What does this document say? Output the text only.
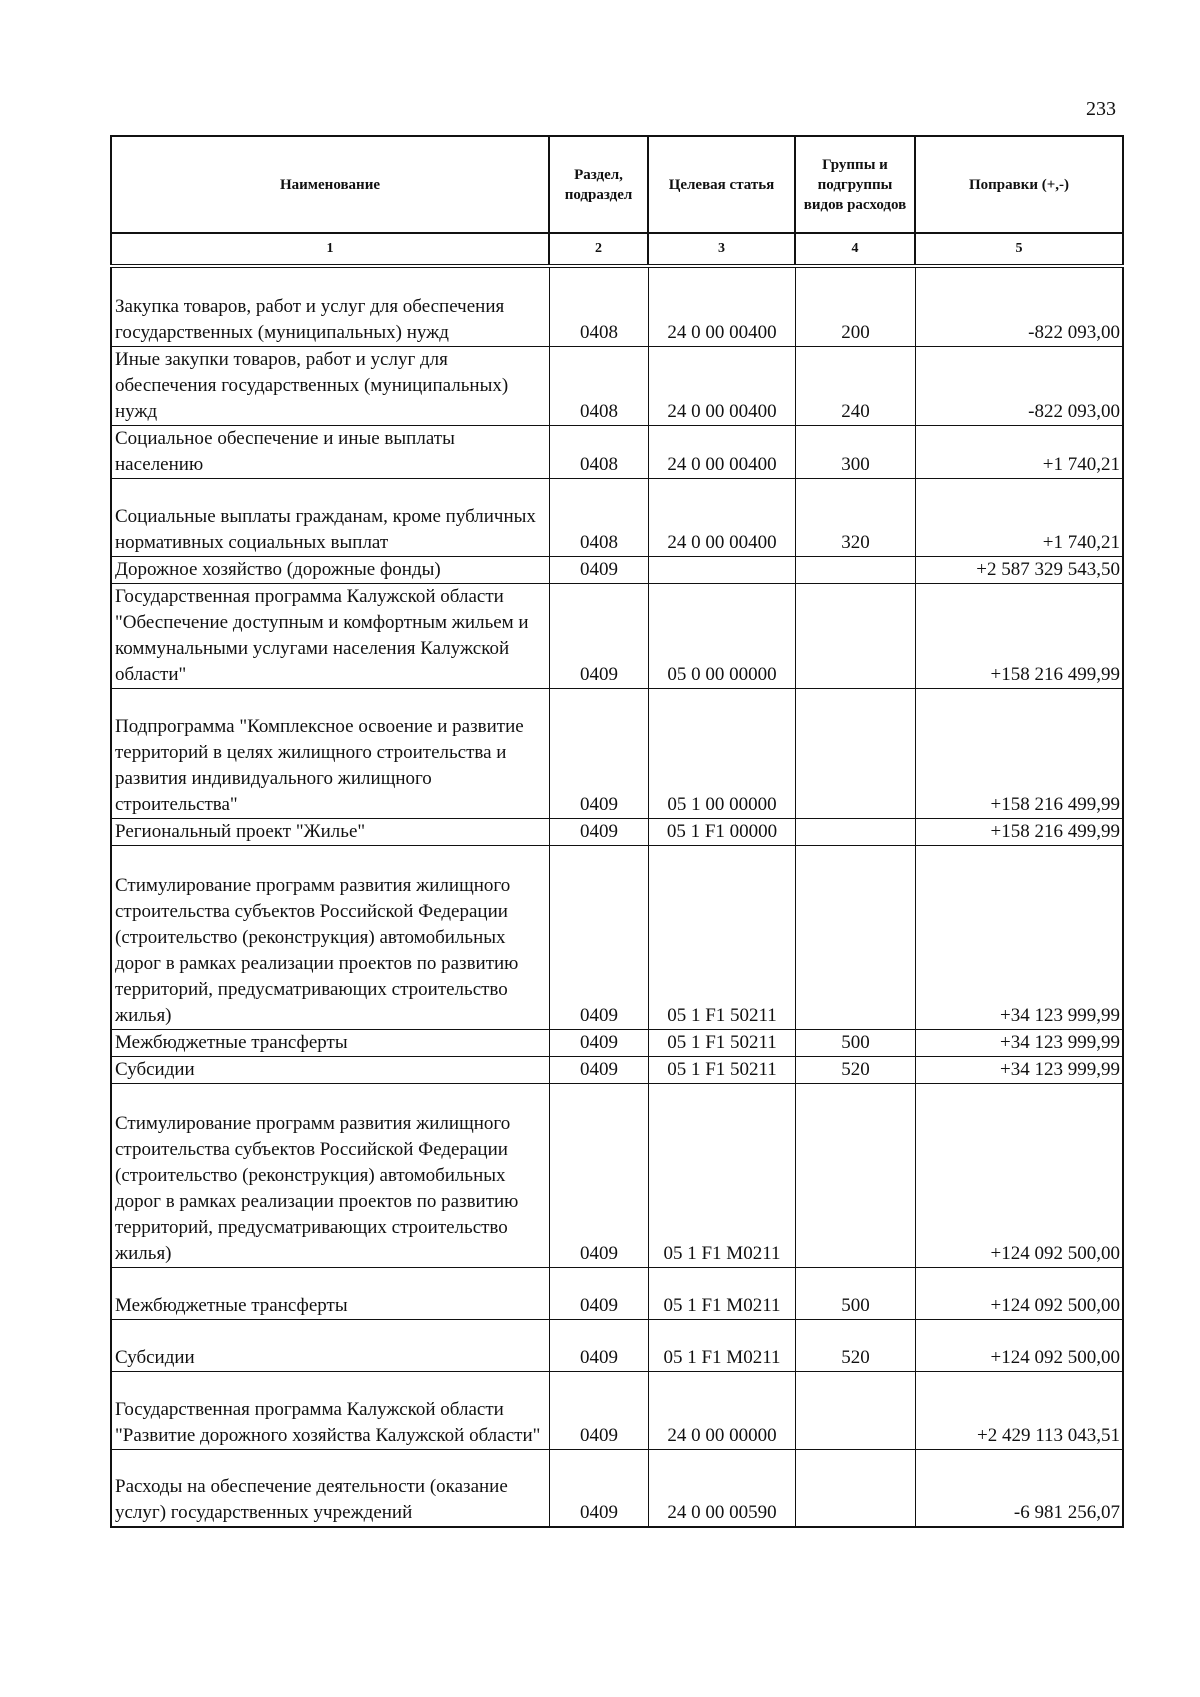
233
Наименование	Раздел, подраздел	Целевая статья	Группы и подгруппы видов расходов	Поправки (+,-)
1	2	3	4	5
Закупка товаров, работ и услуг для обеспечения государственных (муниципальных) нужд	0408	24 0 00 00400	200	-822 093,00
Иные закупки товаров, работ и услуг для обеспечения государственных (муниципальных) нужд	0408	24 0 00 00400	240	-822 093,00
Социальное обеспечение и иные выплаты населению	0408	24 0 00 00400	300	+1 740,21
Социальные выплаты гражданам, кроме публичных нормативных социальных выплат	0408	24 0 00 00400	320	+1 740,21
Дорожное хозяйство (дорожные фонды)	0409			+2 587 329 543,50
Государственная программа Калужской области "Обеспечение доступным и комфортным жильем и коммунальными услугами населения Калужской области"	0409	05 0 00 00000		+158 216 499,99
Подпрограмма "Комплексное освоение и развитие территорий в целях жилищного строительства и развития индивидуального жилищного строительства"	0409	05 1 00 00000		+158 216 499,99
Региональный проект "Жилье"	0409	05 1 F1 00000		+158 216 499,99
Стимулирование программ развития жилищного строительства субъектов Российской Федерации (строительство (реконструкция) автомобильных дорог в рамках реализации проектов по развитию территорий, предусматривающих строительство жилья)	0409	05 1 F1 50211		+34 123 999,99
Межбюджетные трансферты	0409	05 1 F1 50211	500	+34 123 999,99
Субсидии	0409	05 1 F1 50211	520	+34 123 999,99
Стимулирование программ развития жилищного строительства субъектов Российской Федерации (строительство (реконструкция) автомобильных дорог в рамках реализации проектов по развитию территорий, предусматривающих строительство жилья)	0409	05 1 F1 M0211		+124 092 500,00
Межбюджетные трансферты	0409	05 1 F1 M0211	500	+124 092 500,00
Субсидии	0409	05 1 F1 M0211	520	+124 092 500,00
Государственная программа Калужской области "Развитие дорожного хозяйства Калужской области"	0409	24 0 00 00000		+2 429 113 043,51
Расходы на обеспечение деятельности (оказание услуг) государственных учреждений	0409	24 0 00 00590		-6 981 256,07
